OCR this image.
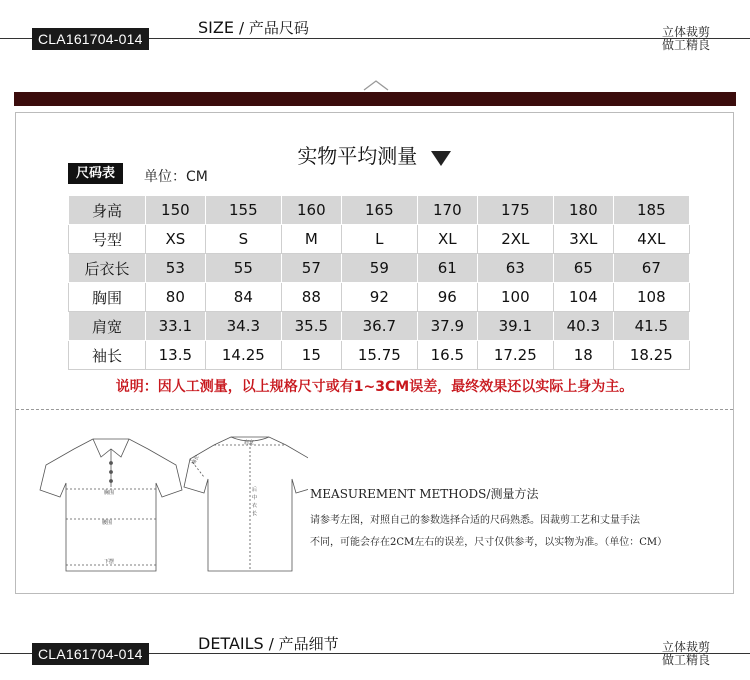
CLA161704-014
SIZE / 产品尺码	立体裁剪
做工精良
实物平均测量
尺码表	单位：CM
身高	150	155	160	165	170	175	180	185
号型	XS	S	M	L	XL	2XL	3XL	4XL
后衣长	53	55	57	59	61	63	65	67
胸围	80	84	88	92	96	100	104	108
肩宽	33.1	34.3	35.5	36.7	37.9	39.1	40.3	41.5
袖长	13.5	14.25	15	15.75	16.5	17.25	18	18.25
说明：因人工测量，以上规格尺寸或有1~3CM误差，最终效果还以实际上身为主。
胸围
腰围
下摆
肩宽
袖长
后
中
衣
长
MEASUREMENT METHODS/测量方法
请参考左图，对照自己的参数选择合适的尺码熟悉。因裁剪工艺和丈量手法
不同，可能会存在2CM左右的误差，尺寸仅供参考，以实物为准。（单位：CM）
CLA161704-014
DETAILS / 产品细节	立体裁剪
做工精良
